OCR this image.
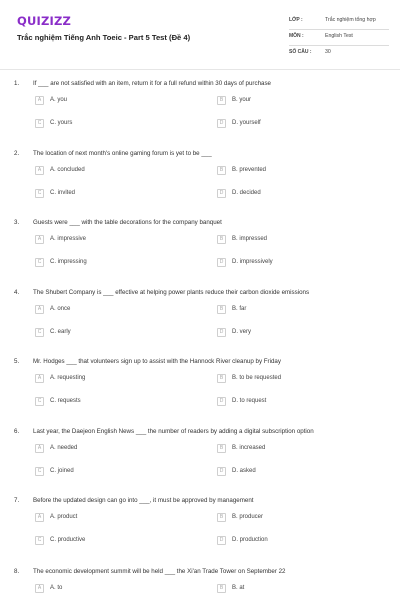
QUIZIZZ
Trắc nghiệm Tiếng Anh Toeic - Part 5 Test (Đề 4)
LỚP :	Trắc nghiệm tổng hợp
MÔN :	English Test
SỐ CÂU :	30
1. If ___ are not satisfied with an item, return it for a full refund within 30 days of purchase
A	A. you	B	B. your
C	C. yours	D	D. yourself
2. The location of next month's online gaming forum is yet to be ___
A	A. concluded	B	B. prevented
C	C. invited	D	D. decided
3. Guests were ___ with the table decorations for the company banquet
A	A. impressive	B	B. impressed
C	C. impressing	D	D. impressively
4. The Shubert Company is ___ effective at helping power plants reduce their carbon dioxide emissions
A	A. once	B	B. far
C	C. early	D	D. very
5. Mr. Hodges ___ that volunteers sign up to assist with the Hannock River cleanup by Friday
A	A. requesting	B	B. to be requested
C	C. requests	D	D. to request
6. Last year, the Daejeon English News ___ the number of readers by adding a digital subscription option
A	A. needed	B	B. increased
C	C. joined	D	D. asked
7. Before the updated design can go into ___, it must be approved by management
A	A. product	B	B. producer
C	C. productive	D	D. production
8. The economic development summit will be held ___ the Xi'an Trade Tower on September 22
A	A. to	B	B. at
